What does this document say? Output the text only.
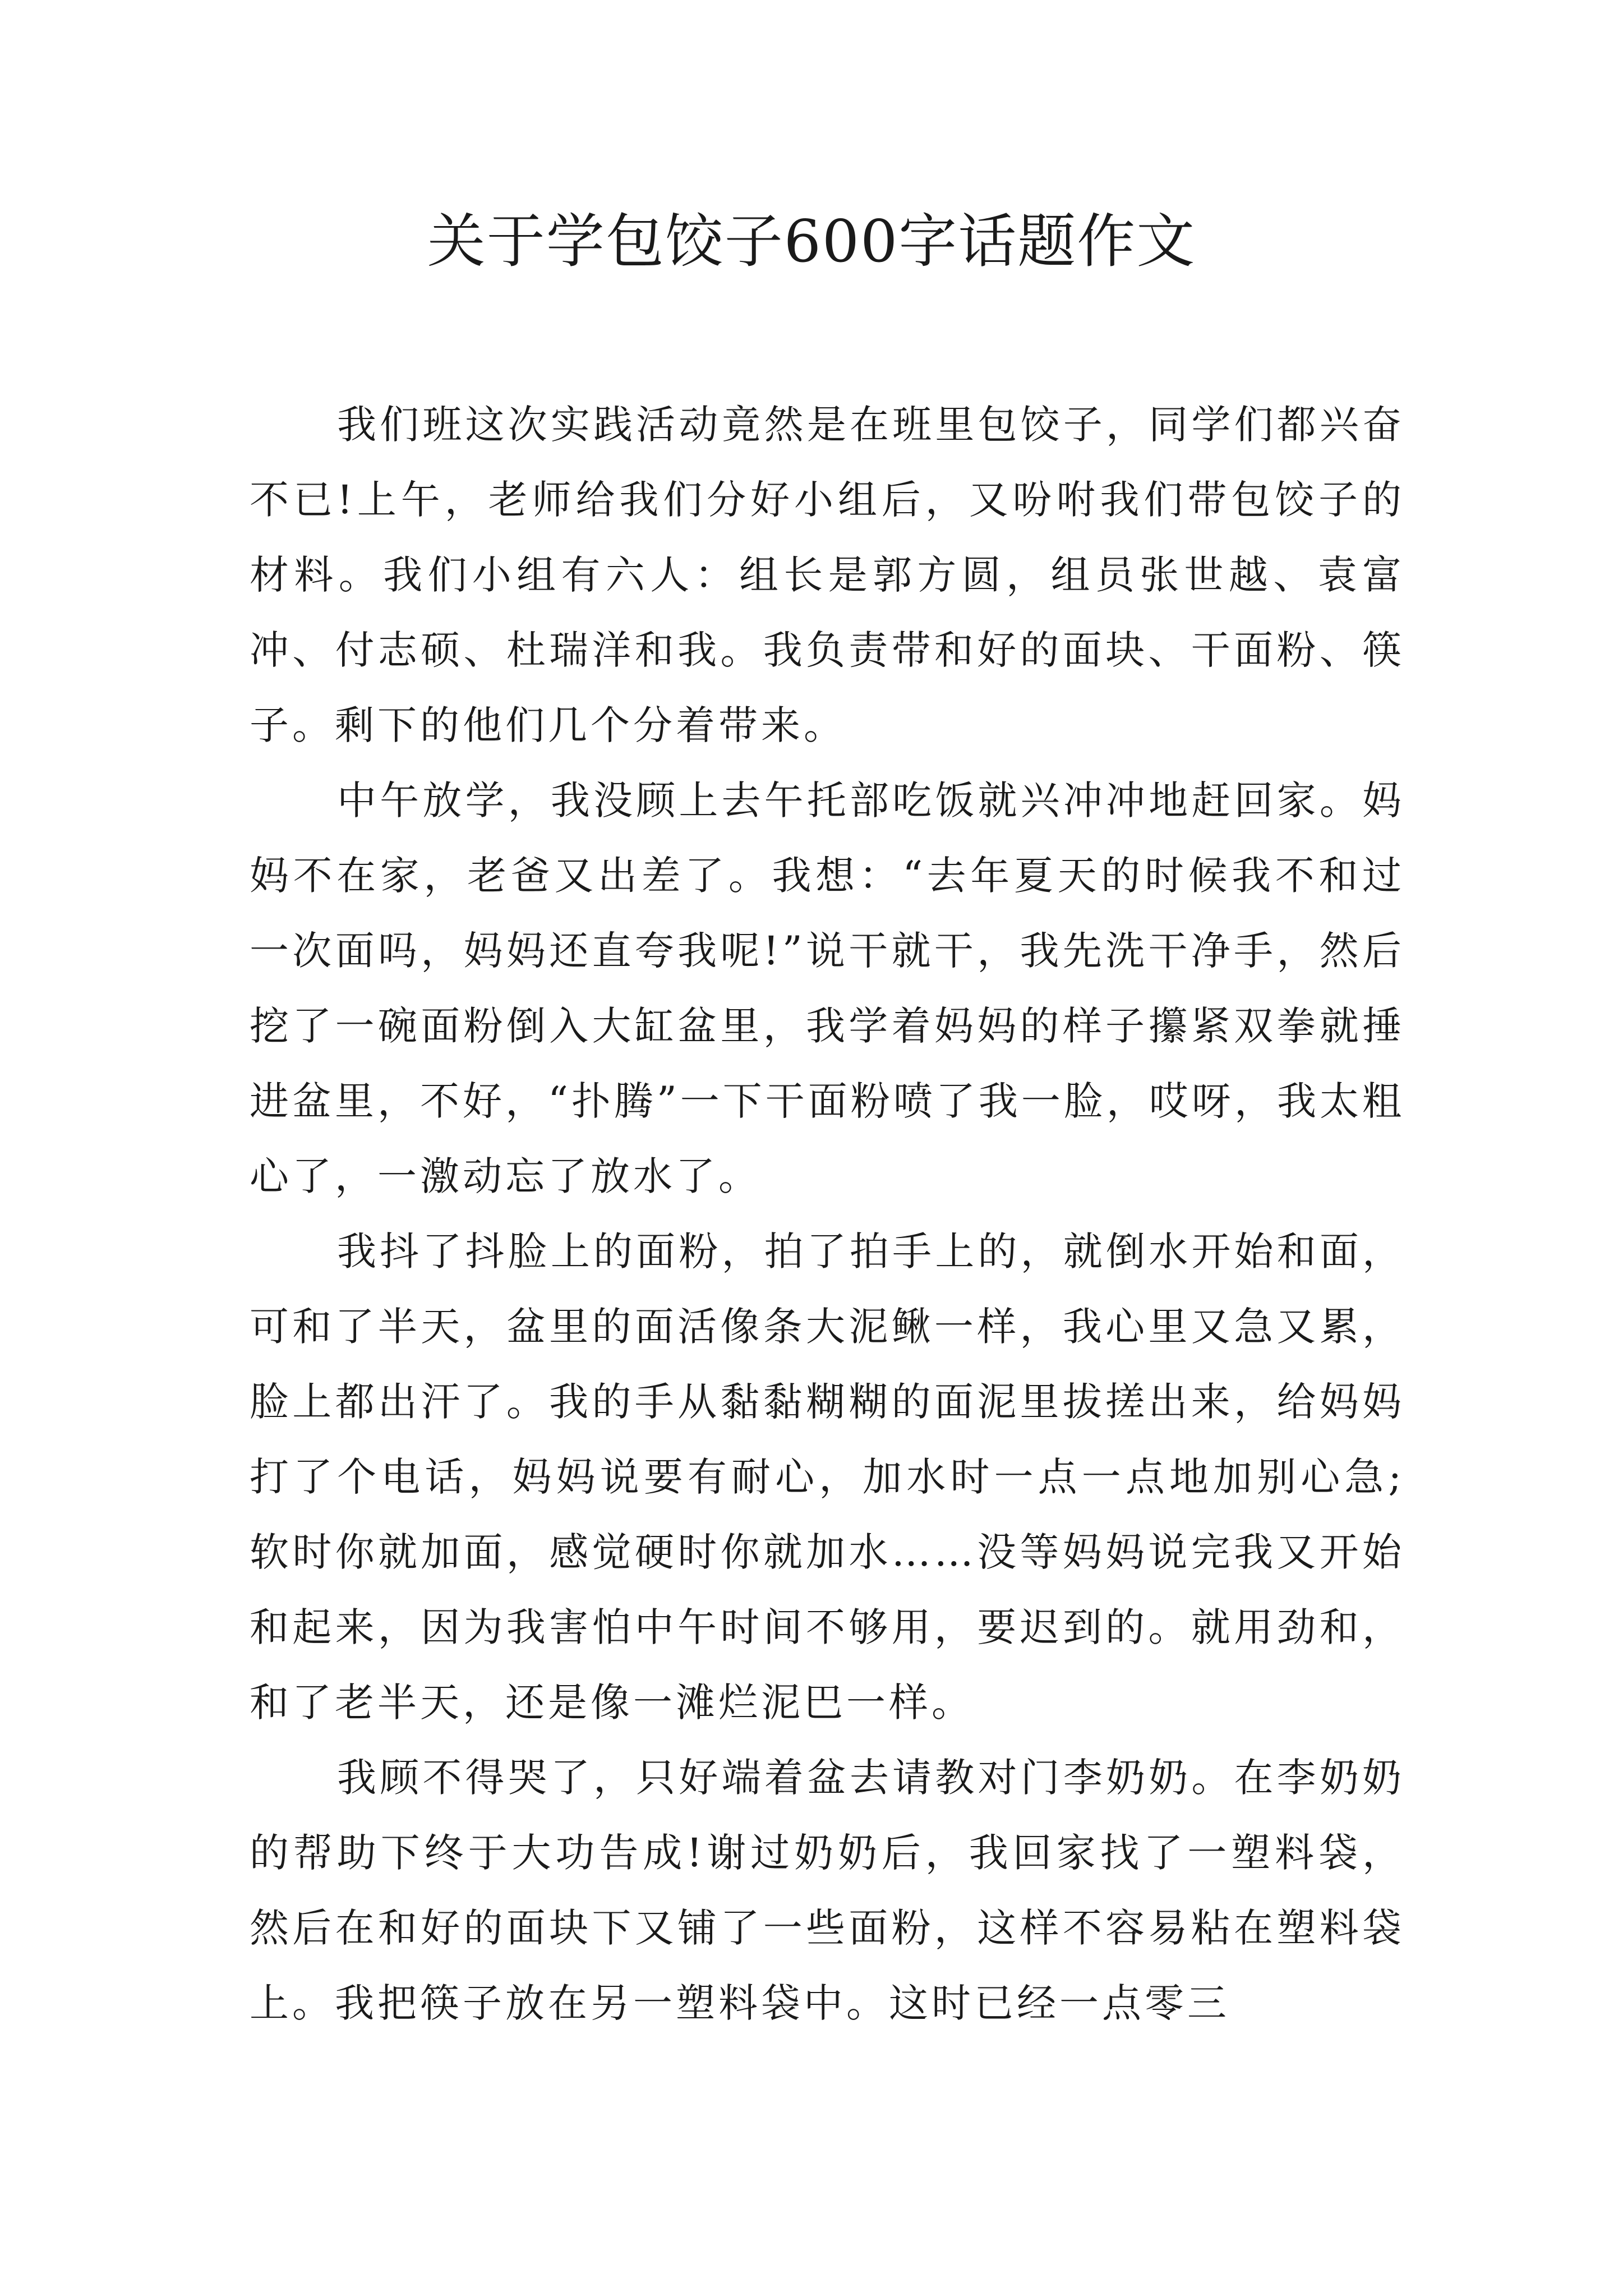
关于学包饺子600字话题作文

我们班这次实践活动竟然是在班里包饺子，同学们都兴奋不已!上午，老师给我们分好小组后，又吩咐我们带包饺子的材料。我们小组有六人：组长是郭方圆，组员张世越、袁富冲、付志硕、杜瑞洋和我。我负责带和好的面块、干面粉、筷子。剩下的他们几个分着带来。

中午放学，我没顾上去午托部吃饭就兴冲冲地赶回家。妈妈不在家，老爸又出差了。我想：“去年夏天的时候我不和过一次面吗，妈妈还直夸我呢!”说干就干，我先洗干净手，然后挖了一碗面粉倒入大缸盆里，我学着妈妈的样子攥紧双拳就捶进盆里，不好，“扑腾”一下干面粉喷了我一脸，哎呀，我太粗心了，一激动忘了放水了。

我抖了抖脸上的面粉，拍了拍手上的，就倒水开始和面，可和了半天，盆里的面活像条大泥鳅一样，我心里又急又累，脸上都出汗了。我的手从黏黏糊糊的面泥里拔搓出来，给妈妈打了个电话，妈妈说要有耐心，加水时一点一点地加别心急;软时你就加面，感觉硬时你就加水……没等妈妈说完我又开始和起来，因为我害怕中午时间不够用，要迟到的。就用劲和，和了老半天，还是像一滩烂泥巴一样。

我顾不得哭了，只好端着盆去请教对门李奶奶。在李奶奶的帮助下终于大功告成!谢过奶奶后，我回家找了一塑料袋，然后在和好的面块下又铺了一些面粉，这样不容易粘在塑料袋上。我把筷子放在另一塑料袋中。这时已经一点零三
